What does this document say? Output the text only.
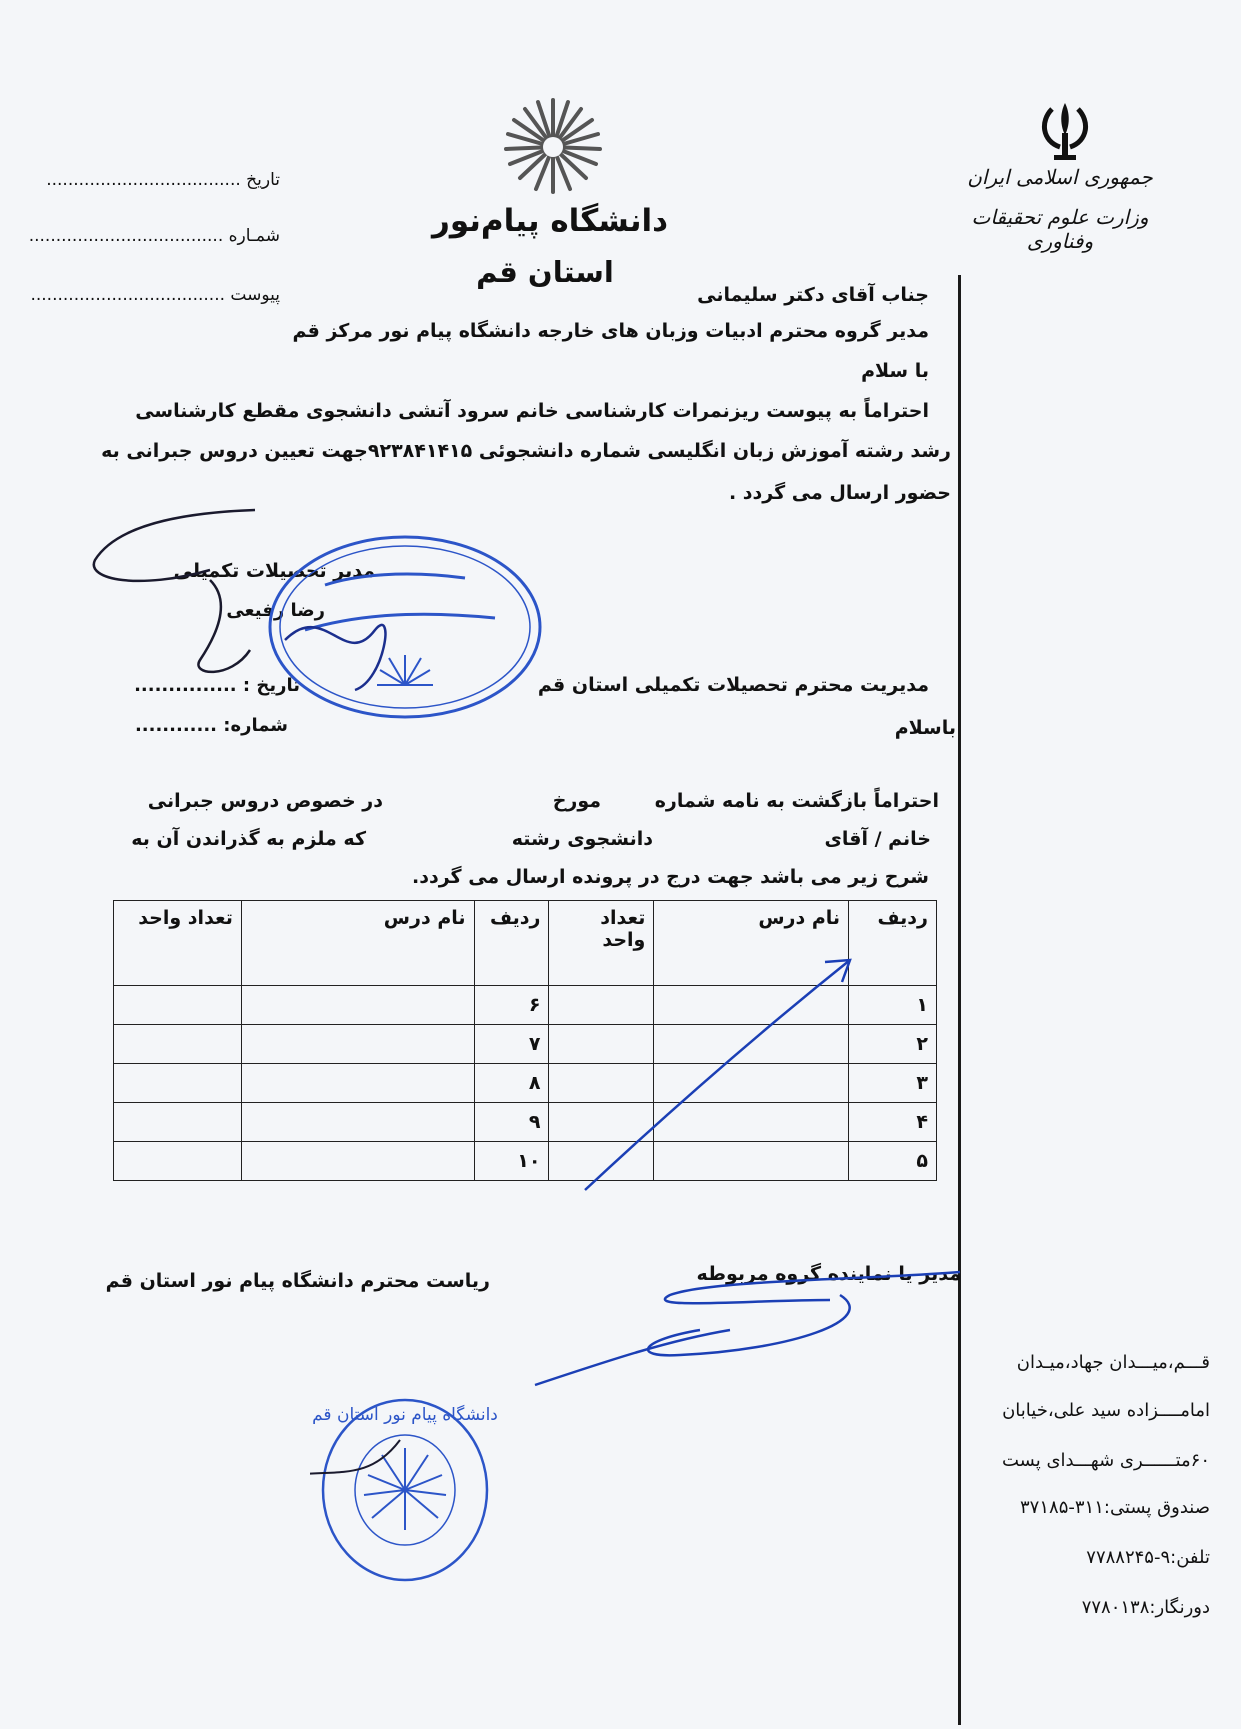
جمهوری اسلامی ایران
وزارت علوم تحقیقات وفناوری
دانشگاه پیام‌نور
استان قم
تاریخ ....................................
شمـاره ....................................
پیوست ....................................	جناب آقای دکتر سلیمانی
مدیر گروه محترم ادبیات وزبان های خارجه دانشگاه پیام نور مرکز قم
با سلام
احتراماً به پیوست ریزنمرات کارشناسی خانم سرود آتشی دانشجوی مقطع کارشناسی
رشد رشته آموزش زبان انگلیسی شماره دانشجوئی ۹۲۳۸۴۱۴۱۵جهت تعیین دروس جبرانی به
حضور ارسال می گردد .
مدیر تحصیلات تکمیلی
رضا رفیعی
تاریخ : ...............
شماره: ............
مدیریت محترم تحصیلات تکمیلی استان قم
باسلام
احتراماً بازگشت به نامه شماره
مورخ
در خصوص دروس جبرانی
خانم / آقای
دانشجوی رشته
که ملزم به گذراندن آن به
شرح زیر می باشد جهت درج در پرونده ارسال می گردد.
ردیف	نام درس	تعداد واحد	ردیف	نام درس	تعداد واحد
۱			۶		
۲			۷		
۳			۸		
۴			۹		
۵			۱۰		
مدیر یا نماینده گروه مربوطه
ریاست محترم دانشگاه پیام نور استان قم
دانشگاه پیام نور استان قم
قـــم،میـــدان جهاد،میـدان
امامــــزاده سید علی،خیابان
۶۰متــــــری شهـــدای پست
صندوق پستی:۳۱۱-۳۷۱۸۵
تلفن:۹-۷۷۸۸۲۴۵
دورنگار:۷۷۸۰۱۳۸
